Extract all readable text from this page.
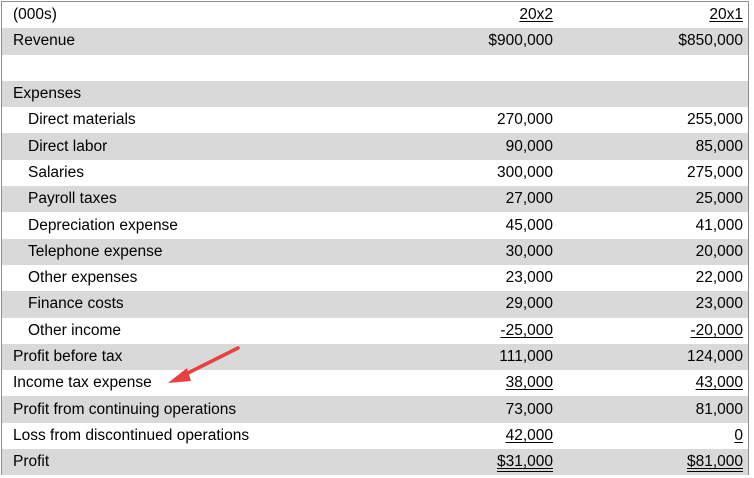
(000s)	20x2	20x1
Revenue	$900,000	$850,000
Expenses
Direct materials	270,000	255,000
Direct labor	90,000	85,000
Salaries	300,000	275,000
Payroll taxes	27,000	25,000
Depreciation expense	45,000	41,000
Telephone expense	30,000	20,000
Other expenses	23,000	22,000
Finance costs	29,000	23,000
Other income	-25,000	-20,000
Profit before tax	111,000	124,000
Income tax expense	38,000	43,000
Profit from continuing operations	73,000	81,000
Loss from discontinued operations	42,000	0
Profit	$31,000	$81,000
